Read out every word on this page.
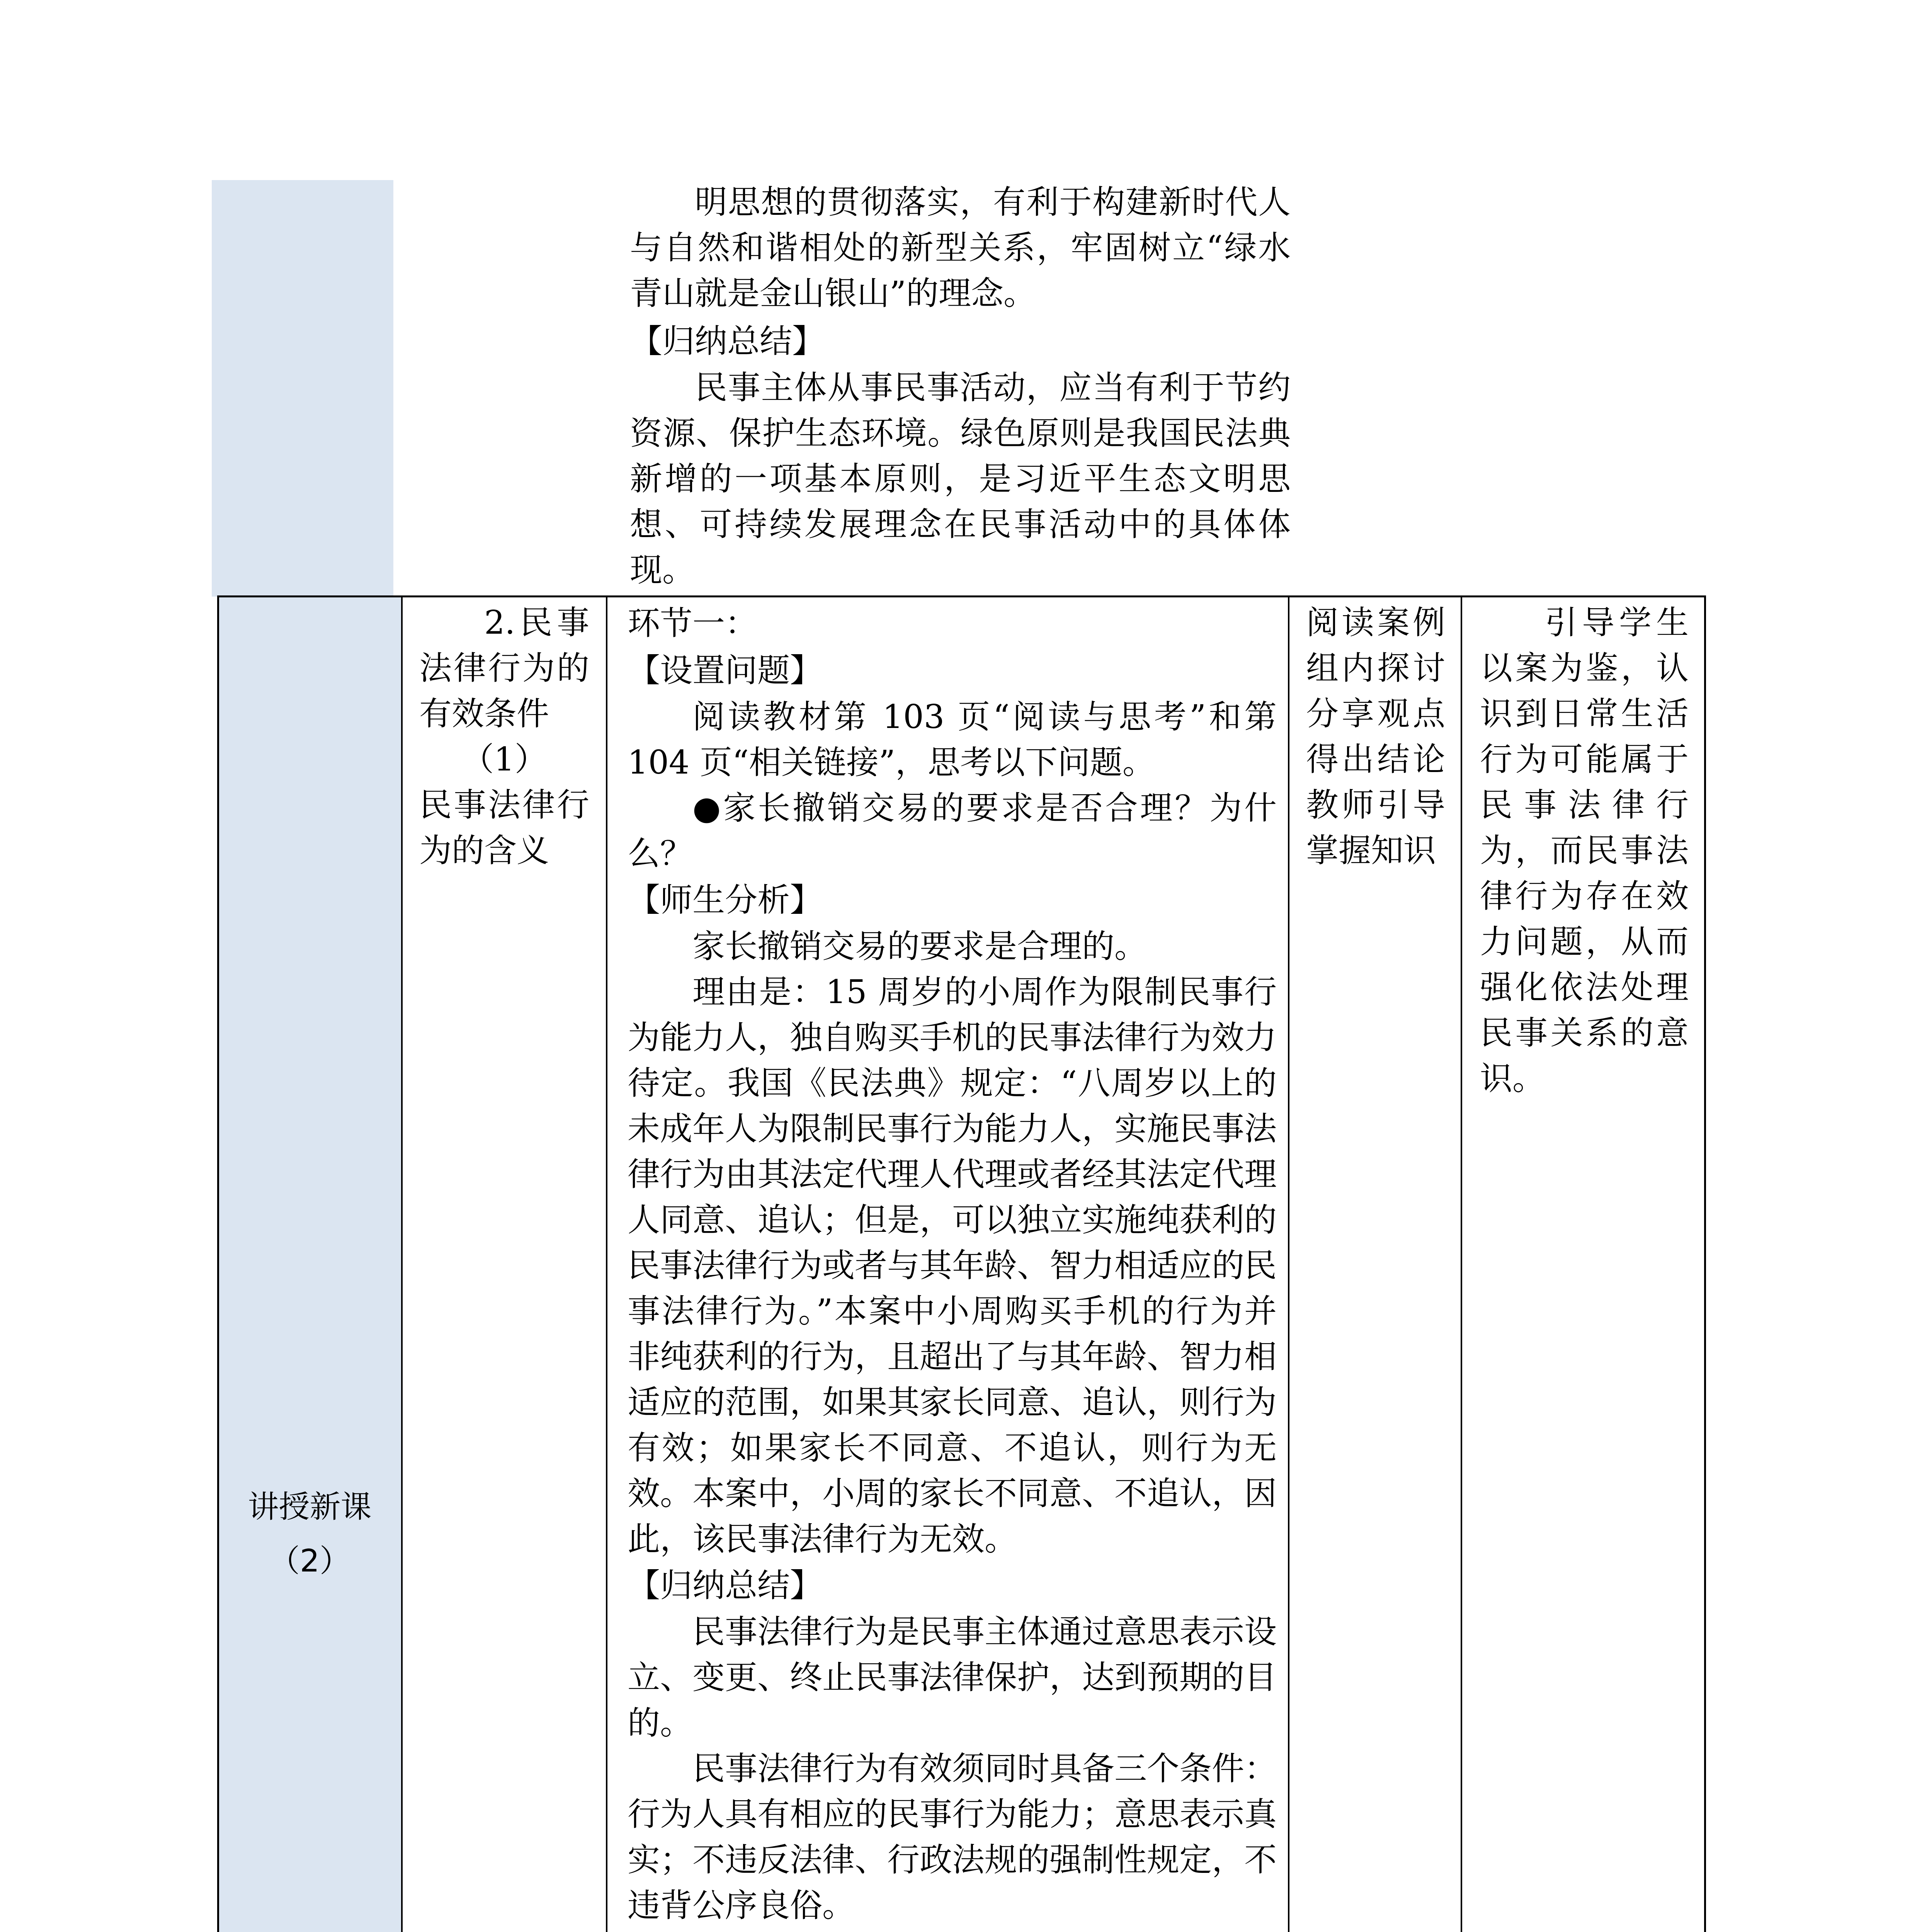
明思想的贯彻落实，有利于构建新时代人与自然和谐相处的新型关系，牢固树立“绿水青山就是金山银山”的理念。

【归纳总结】

民事主体从事民事活动，应当有利于节约资源、保护生态环境。绿色原则是我国民法典新增的一项基本原则，是习近平生态文明思想、可持续发展理念在民事活动中的具体体现。

讲授新课
（2）

2.民事法律行为的有效条件

（1）

民事法律行为的含义

环节一：
【设置问题】

阅读教材第 103 页“阅读与思考”和第 104 页“相关链接”，思考以下问题。

●家长撤销交易的要求是否合理？为什么？

【师生分析】

家长撤销交易的要求是合理的。

理由是：15 周岁的小周作为限制民事行为能力人，独自购买手机的民事法律行为效力待定。我国《民法典》规定：“八周岁以上的未成年人为限制民事行为能力人，实施民事法律行为由其法定代理人代理或者经其法定代理人同意、追认；但是，可以独立实施纯获利的民事法律行为或者与其年龄、智力相适应的民事法律行为。”本案中小周购买手机的行为并非纯获利的行为，且超出了与其年龄、智力相适应的范围，如果其家长同意、追认，则行为有效；如果家长不同意、不追认，则行为无效。本案中，小周的家长不同意、不追认，因此，该民事法律行为无效。

【归纳总结】

民事法律行为是民事主体通过意思表示设立、变更、终止民事法律保护，达到预期的目的。

民事法律行为有效须同时具备三个条件：行为人具有相应的民事行为能力；意思表示真实；不违反法律、行政法规的强制性规定，不违背公序良俗。

阅读案例组内探讨分享观点得出结论教师引导掌握知识

引导学生以案为鉴，认识到日常生活行为可能属于民事法律行为，而民事法律行为存在效力问题，从而强化依法处理民事关系的意识。
